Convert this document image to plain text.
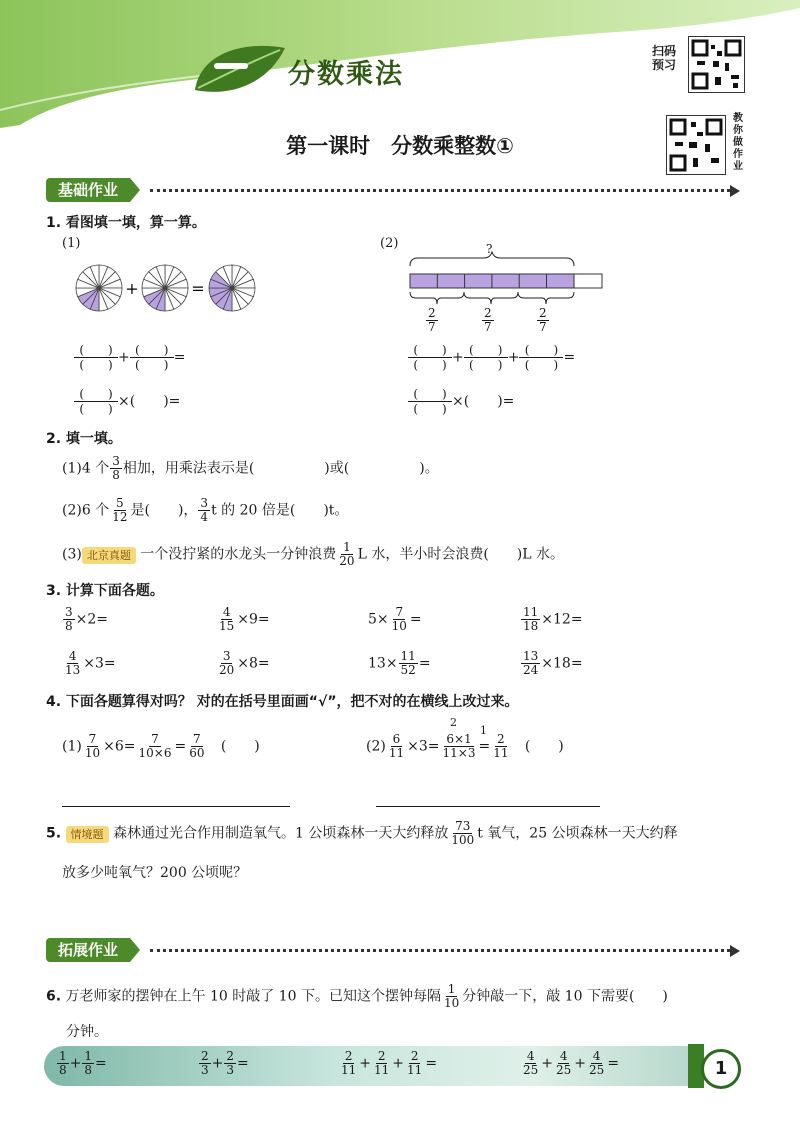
分数乘法
扫码
预习
教
你
做
作
业
第一课时　分数乘整数①
基础作业
1. 看图填一填，算一算。
(1)	(2)
+	=
?
$\frac{2}{7}$	$\frac{2}{7}$	$\frac{2}{7}$
(　　)
(　　) + (　　)
(　　) =
(　　)
(　　) ×(　　)=
(　　)
(　　) + (　　)
(　　) + (　　)
(　　) =
(　　)
(　　) ×(　　)=
2. 填一填。
(1)4 个 $\frac{3}{8}$ 相加，用乘法表示是(　　　　　)或(　　　　　)。
(2)6 个 $\frac{5}{12}$ 是(　　)， $\frac{3}{4}$ t 的 20 倍是(　　)t。
(3) 北京真题 一个没拧紧的水龙头一分钟浪费 $\frac{1}{20}$ L 水，半小时会浪费(　　)L 水。
3. 计算下面各题。
$\frac{3}{8} \times 2=$	$\frac{4}{15} \times 9=$	$5\times \frac{7}{10}$ =	$\frac{11}{18} \times 12=$
$\frac{4}{13} \times 3=$	$\frac{3}{20} \times 8=$	$13\times \frac{11}{52}$ =	$\frac{13}{24} \times 18=$
4. 下面各题算得对吗？ 对的在括号里面画“√”，把不对的在横线上改过来。
$(1) \frac{7}{10} \times 6= \frac{7}{10\times 6} = \frac{7}{60}$ (　　)	$(2) \frac{6}{11} \times 3= \frac{6\times 1}{11\times 3} = \frac{2}{11}$ (　　)
2
1
5. 情境题 森林通过光合作用制造氧气。1 公顷森林一天大约释放 $\frac{73}{100}$ t 氧气，25 公顷森林一天大约释
放多少吨氧气？200 公顷呢？
拓展作业
6. 万老师家的摆钟在上午 10 时敲了 10 下。已知这个摆钟每隔 $\frac{1}{10}$ 分钟敲一下，敲 10 下需要(　　)
分钟。
1
$\frac{1}{8} + \frac{1}{8}$ =	$\frac{2}{3} + \frac{2}{3}$ =	$\frac{2}{11} + \frac{2}{11} + \frac{2}{11}$ =	$\frac{4}{25} + \frac{4}{25} + \frac{4}{25}$ =
